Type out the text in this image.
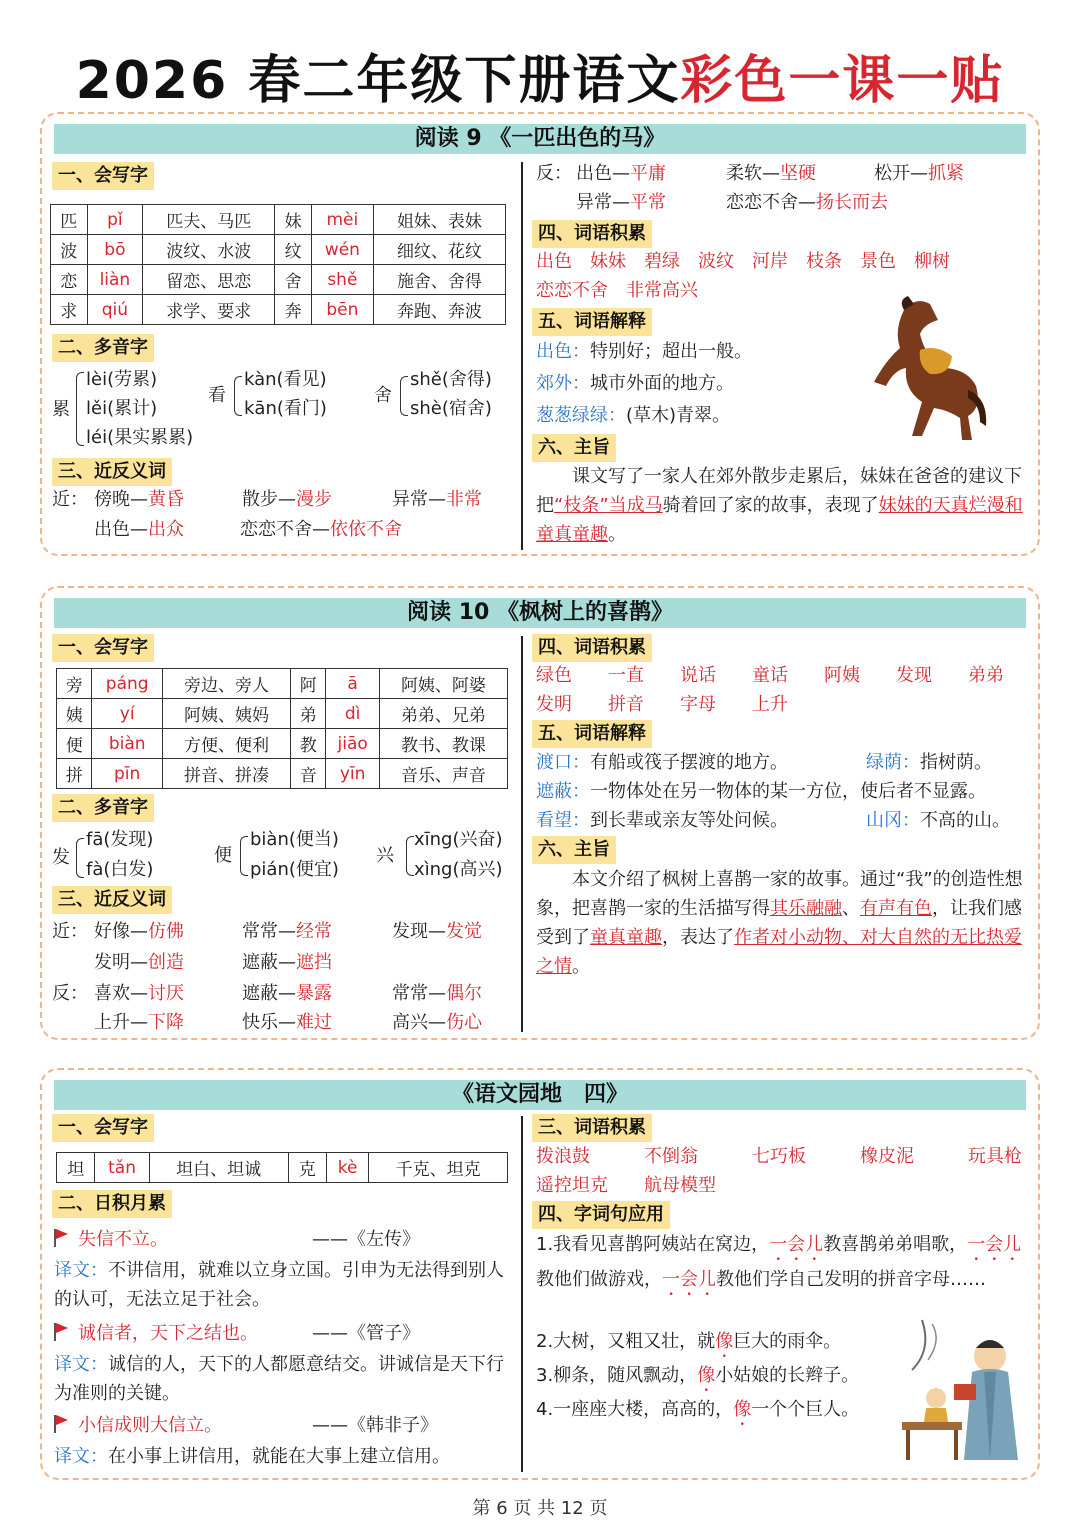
2026 春二年级下册语文彩色一课一贴
阅读 9 《一匹出色的马》
一、会写字
匹	pǐ	匹夫、马匹	妹	mèi	姐妹、表妹
波	bō	波纹、水波	纹	wén	细纹、花纹
恋	liàn	留恋、思恋	舍	shě	施舍、舍得
求	qiú	求学、要求	奔	bēn	奔跑、奔波
二、多音字
累
lèi(劳累)
lěi(累计)
léi(果实累累)
看
kàn(看见)
kān(看门)
舍
shě(舍得)
shè(宿舍)
三、近反义词
近： 傍晚—黄昏	散步—漫步	异常—非常
出色—出众	恋恋不舍—依依不舍
反： 出色—平庸	柔软—坚硬	松开—抓紧
异常—平常	恋恋不舍—扬长而去
四、词语积累
出色　 妹妹　 碧绿　 波纹　 河岸　 枝条　 景色　 柳树
恋恋不舍　 非常高兴
五、词语解释
出色：特别好；超出一般。
郊外：城市外面的地方。
葱葱绿绿：(草木)青翠。
六、主旨
课文写了一家人在郊外散步走累后，妹妹在爸爸的建议下把“枝条”当成马骑着回了家的故事，表现了妹妹的天真烂漫和童真童趣。
阅读 10 《枫树上的喜鹊》
一、会写字
旁	páng	旁边、旁人	阿	ā	阿姨、阿婆
姨	yí	阿姨、姨妈	弟	dì	弟弟、兄弟
便	biàn	方便、便利	教	jiāo	教书、教课
拼	pīn	拼音、拼凑	音	yīn	音乐、声音
二、多音字
发
fā(发现)
fà(白发)
便
biàn(便当)
pián(便宜)
兴
xīng(兴奋)
xìng(高兴)
三、近反义词
近： 好像—仿佛	常常—经常	发现—发觉
发明—创造	遮蔽—遮挡
反： 喜欢—讨厌	遮蔽—暴露	常常—偶尔
上升—下降	快乐—难过	高兴—伤心
四、词语积累
绿色　　 一直　　 说话　　 童话　　 阿姨　　 发现　　 弟弟
发明　　 拼音　　 字母　　 上升
五、词语解释
渡口：有船或筏子摆渡的地方。	绿荫：指树荫。
遮蔽：一物体处在另一物体的某一方位，使后者不显露。
看望：到长辈或亲友等处问候。	山冈：不高的山。
六、主旨
本文介绍了枫树上喜鹊一家的故事。通过“我”的创造性想象，把喜鹊一家的生活描写得其乐融融、有声有色，让我们感受到了童真童趣，表达了作者对小动物、对大自然的无比热爱之情。
《语文园地　四》
一、会写字
坦	tǎn	坦白、坦诚	克	kè	千克、坦克
二、日积月累
失信不立。	——《左传》
译文：不讲信用，就难以立身立国。引申为无法得到别人的认可，无法立足于社会。
诚信者，天下之结也。	——《管子》
译文：诚信的人，天下的人都愿意结交。讲诚信是天下行为准则的关键。
小信成则大信立。	——《韩非子》
译文：在小事上讲信用，就能在大事上建立信用。
三、词语积累
拨浪鼓　　　	不倒翁　　　	七巧板　　　	橡皮泥　　　	玩具枪
遥控坦克　　 航母模型
四、字词句应用
1.我看见喜鹊阿姨站在窝边，一会儿教喜鹊弟弟唱歌，一会儿教他们做游戏，一会儿教他们学自己发明的拼音字母……
2.大树，又粗又壮，就像巨大的雨伞。
3.柳条，随风飘动，像小姑娘的长辫子。
4.一座座大楼，高高的，像一个个巨人。
第 6 页 共 12 页
